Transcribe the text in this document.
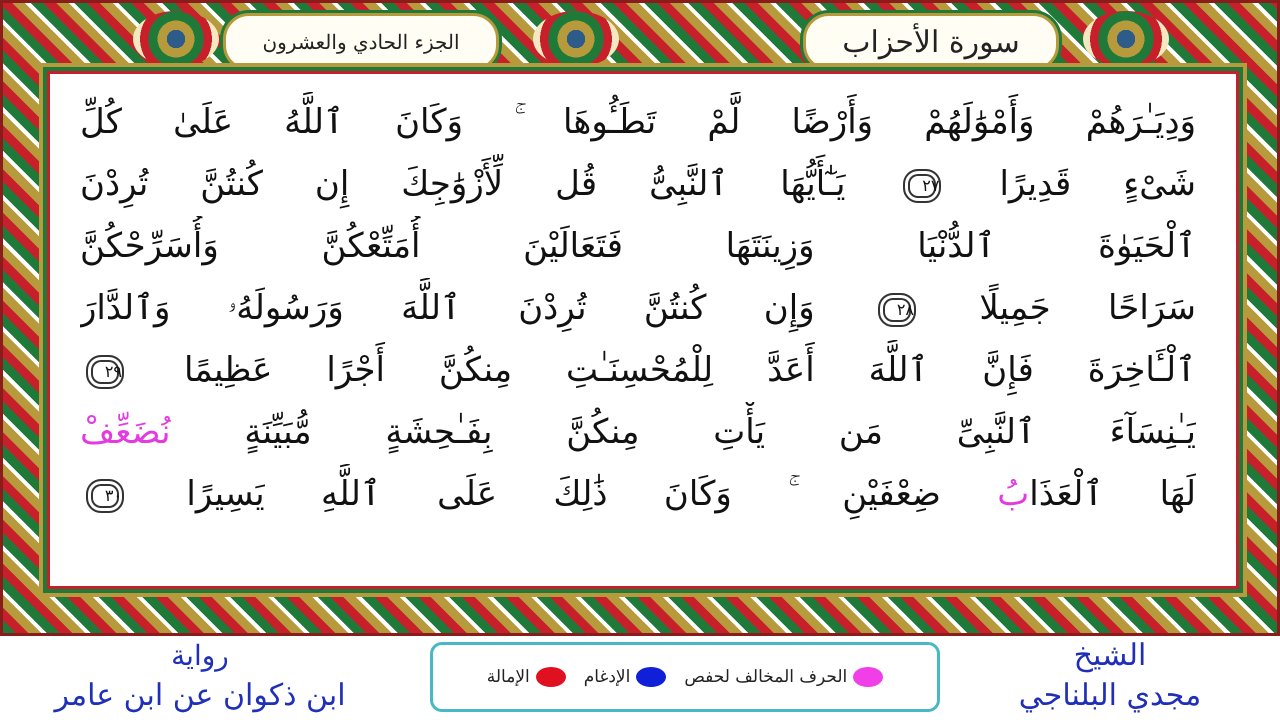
الجزء الحادي والعشرون	سورة الأحزاب
وَدِيَـٰرَهُمْ وَأَمْوَٰلَهُمْ وَأَرْضًا لَّمْ تَطَـُٔوهَا ۚ وَكَانَ ٱللَّهُ عَلَىٰ كُلِّ
شَىْءٍ قَدِيرًا ٢٧ يَـٰٓأَيُّهَا ٱلنَّبِىُّ قُل لِّأَزْوَٰجِكَ إِن كُنتُنَّ تُرِدْنَ
ٱلْحَيَوٰةَ ٱلدُّنْيَا وَزِينَتَهَا فَتَعَالَيْنَ أُمَتِّعْكُنَّ وَأُسَرِّحْكُنَّ
سَرَاحًا جَمِيلًا ٢٨ وَإِن كُنتُنَّ تُرِدْنَ ٱللَّهَ وَرَسُولَهُۥ وَٱلدَّارَ
ٱلْـَٔاخِرَةَ فَإِنَّ ٱللَّهَ أَعَدَّ لِلْمُحْسِنَـٰتِ مِنكُنَّ أَجْرًا عَظِيمًا ٢٩
يَـٰنِسَآءَ ٱلنَّبِىِّ مَن يَأْتِ مِنكُنَّ بِفَـٰحِشَةٍ مُّبَيِّنَةٍ نُضَعِّفْ
لَهَا ٱلْعَذَابُ ضِعْفَيْنِ ۚ وَكَانَ ذَٰلِكَ عَلَى ٱللَّهِ يَسِيرًا ٣٠
رواية
ابن ذكوان عن ابن عامر
الحرف المخالف لحفص
الإدغام
الإمالة
الشيخ
مجدي البلناجي
